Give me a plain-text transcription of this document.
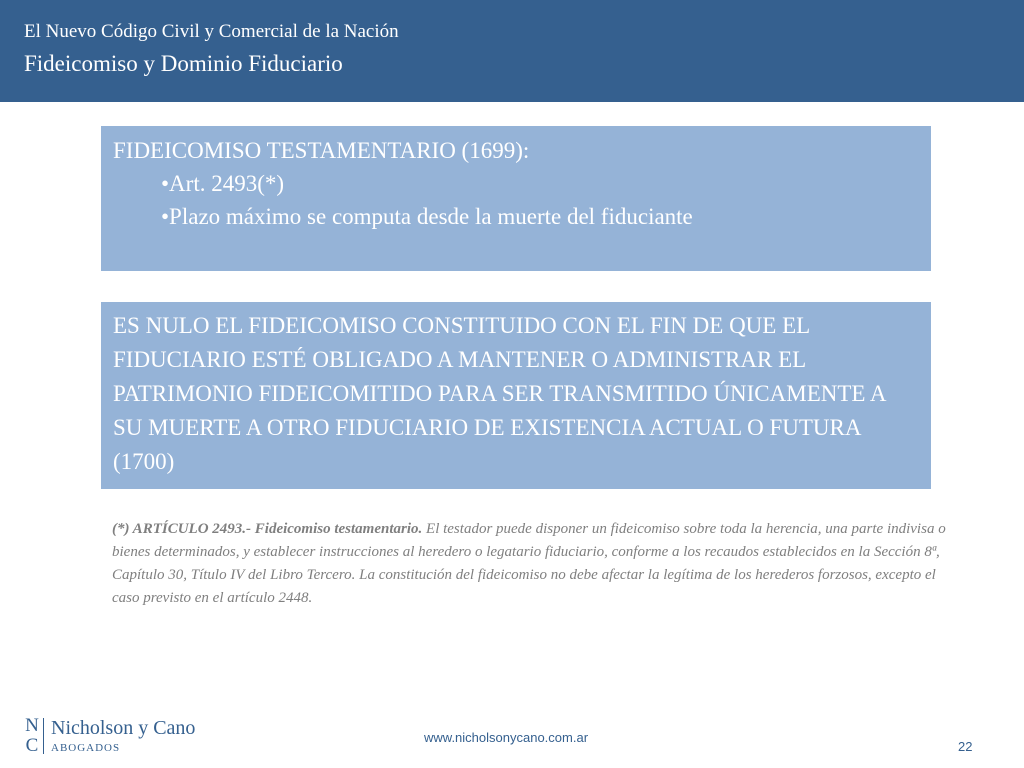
El Nuevo Código Civil y Comercial de la Nación
Fideicomiso y Dominio Fiduciario
FIDEICOMISO TESTAMENTARIO (1699):
•Art. 2493(*)
•Plazo máximo se computa desde la muerte del fiduciante
ES NULO EL FIDEICOMISO CONSTITUIDO CON EL FIN DE QUE EL FIDUCIARIO ESTÉ OBLIGADO A MANTENER O ADMINISTRAR EL PATRIMONIO FIDEICOMITIDO PARA SER TRANSMITIDO ÚNICAMENTE A SU MUERTE A OTRO FIDUCIARIO DE EXISTENCIA ACTUAL O FUTURA (1700)
(*) ARTÍCULO 2493.- Fideicomiso testamentario. El testador puede disponer un fideicomiso sobre toda la herencia, una parte indivisa o bienes determinados, y establecer instrucciones al heredero o legatario fiduciario, conforme a los recaudos establecidos en la Sección 8ª, Capítulo 30, Título IV del Libro Tercero. La constitución del fideicomiso no debe afectar la legítima de los herederos forzosos, excepto el caso previsto en el artículo 2448.
N
C
Nicholson y Cano
ABOGADOS
www.nicholsonycano.com.ar
22
